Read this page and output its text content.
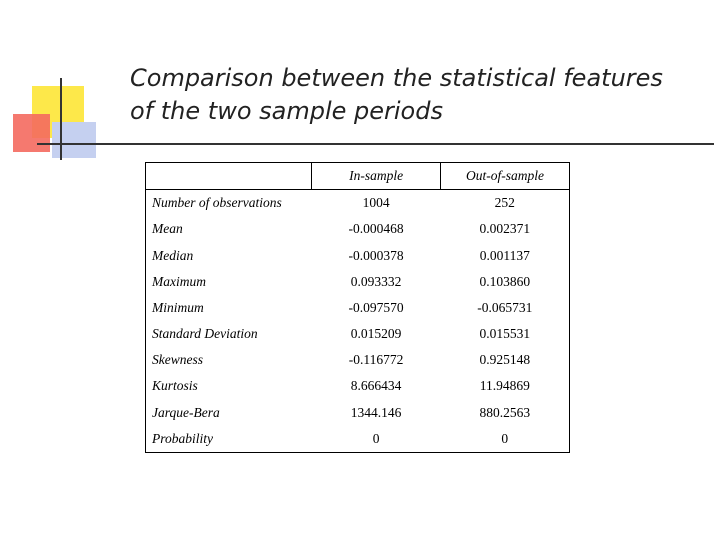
Comparison between the statistical features
of the two sample periods
	In-sample	Out-of-sample
Number of observations	1004	252
Mean	-0.000468	0.002371
Median	-0.000378	0.001137
Maximum	0.093332	0.103860
Minimum	-0.097570	-0.065731
Standard Deviation	0.015209	0.015531
Skewness	-0.116772	0.925148
Kurtosis	8.666434	11.94869
Jarque-Bera	1344.146	880.2563
Probability	0	0
